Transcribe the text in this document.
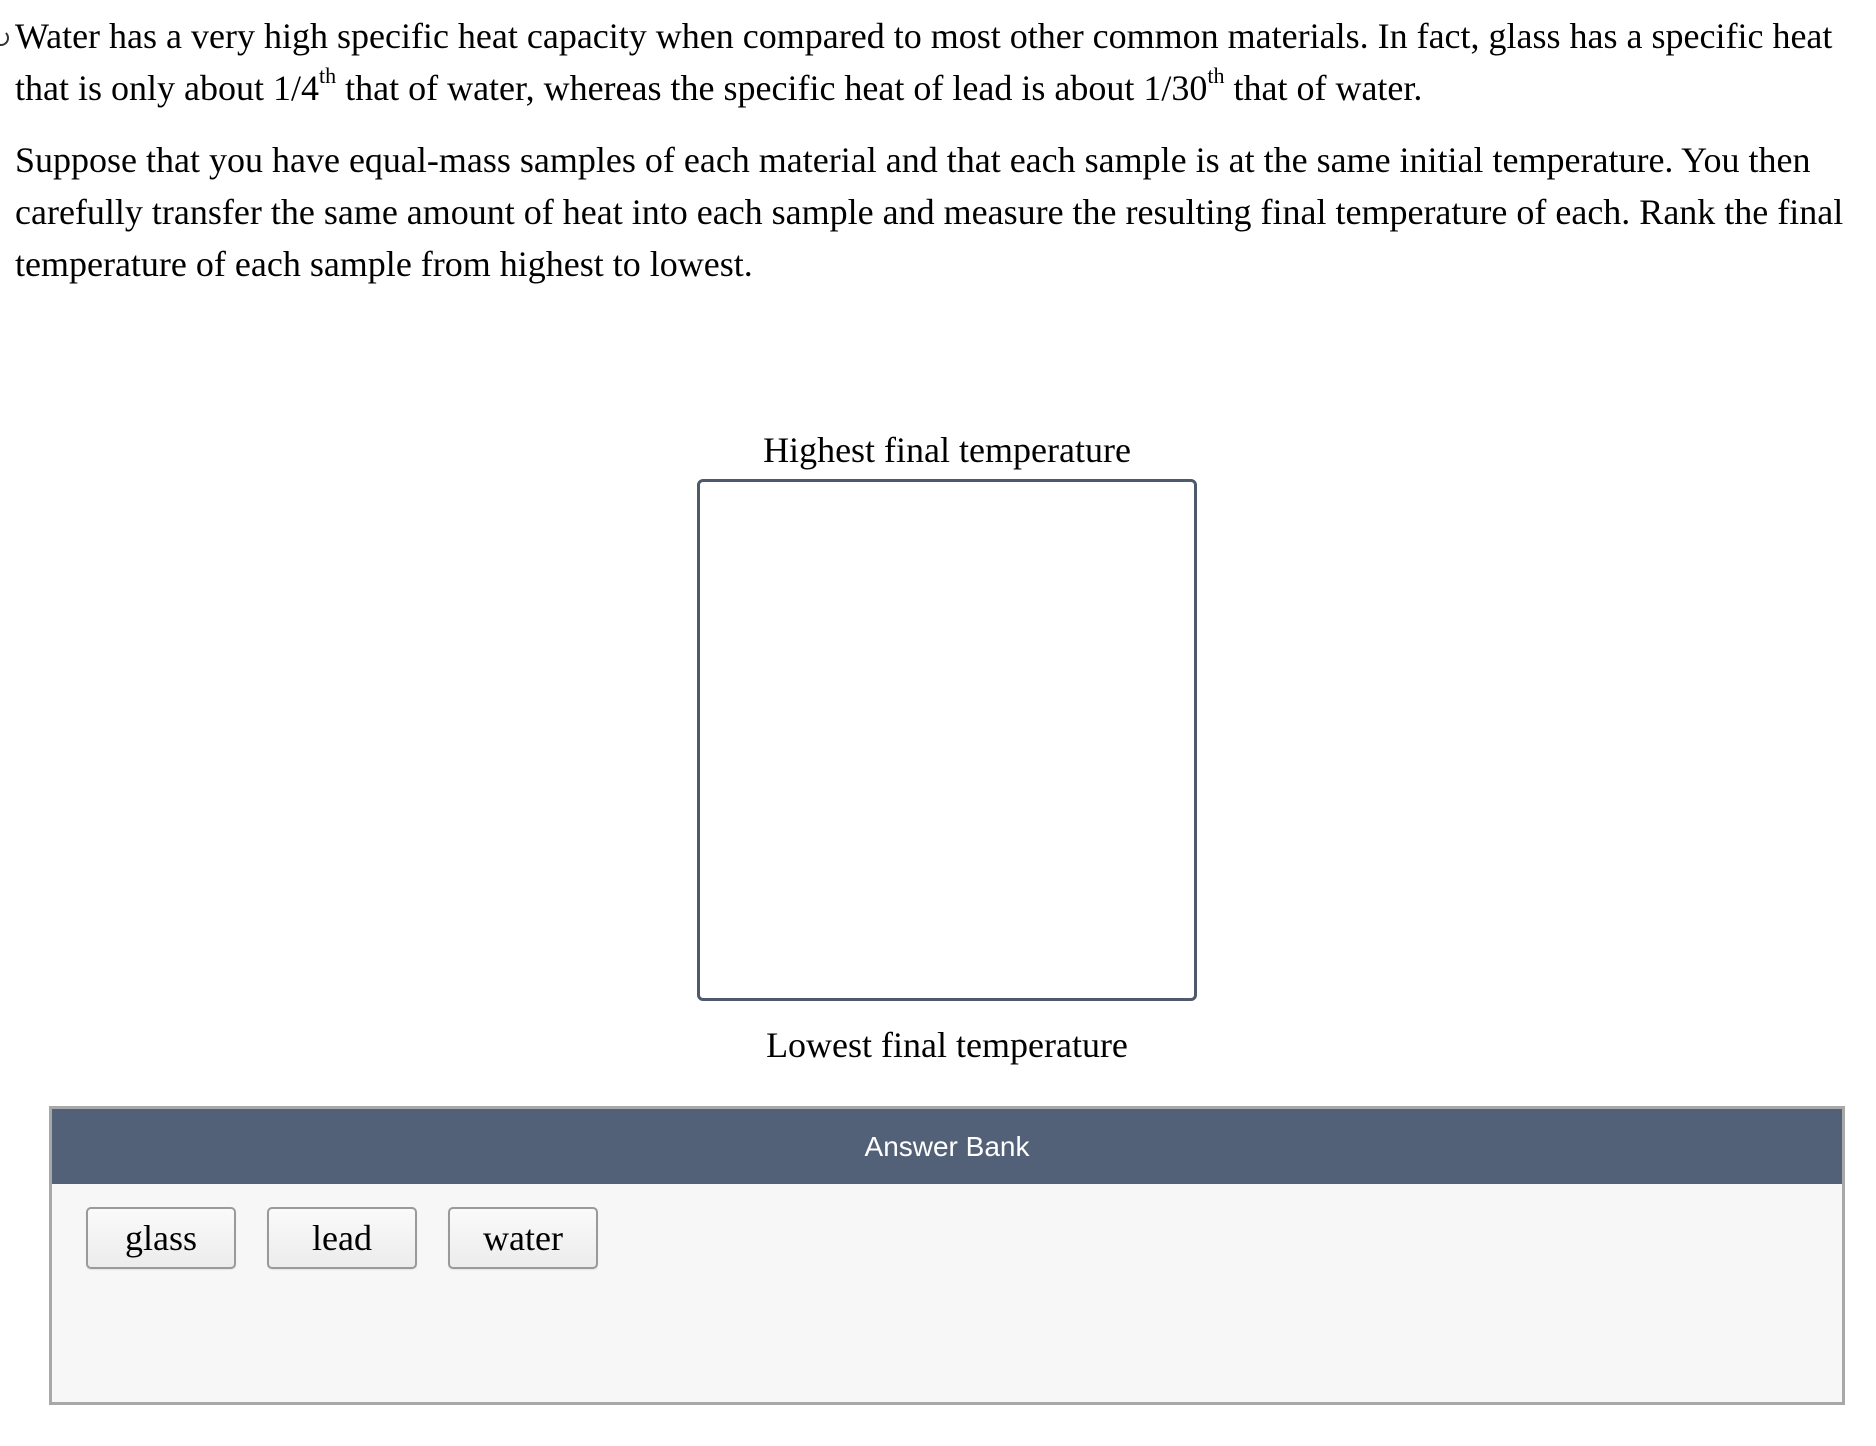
Water has a very high specific heat capacity when compared to most other common materials. In fact, glass has a specific heat that is only about 1/4th that of water, whereas the specific heat of lead is about 1/30th that of water.

Suppose that you have equal-mass samples of each material and that each sample is at the same initial temperature. You then carefully transfer the same amount of heat into each sample and measure the resulting final temperature of each. Rank the final temperature of each sample from highest to lowest.

Highest final temperature
Lowest final temperature
Answer Bank
glass	lead	water
